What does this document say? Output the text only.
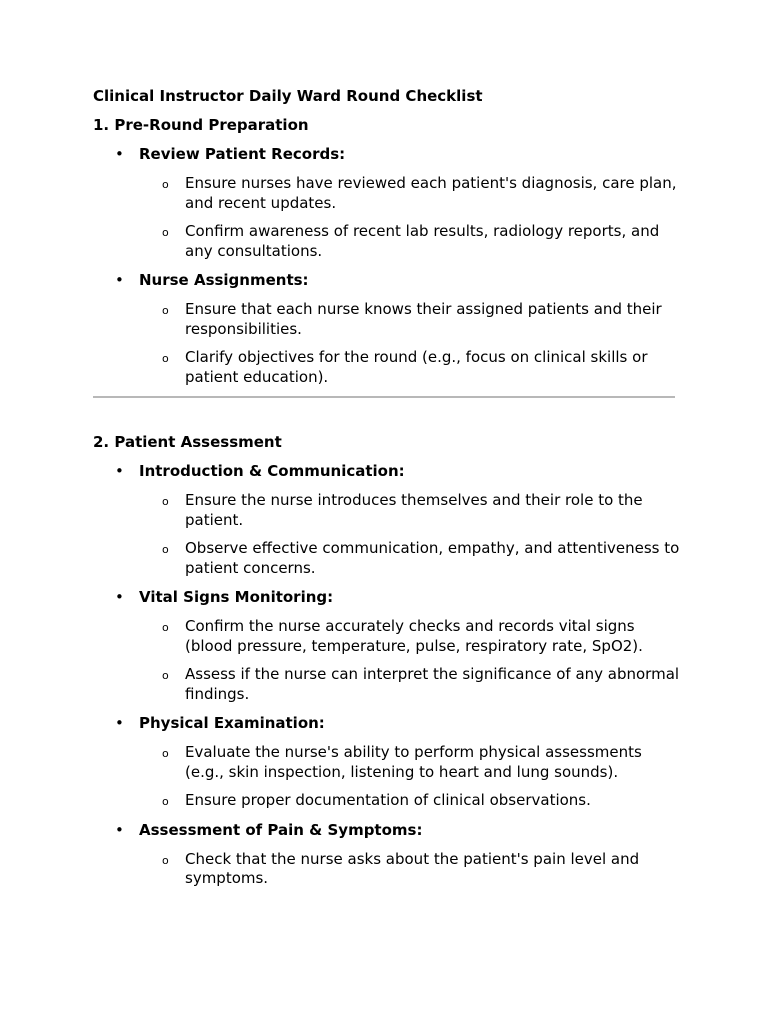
Clinical Instructor Daily Ward Round Checklist
1. Pre-Round Preparation
• Review Patient Records:
o Ensure nurses have reviewed each patient's diagnosis, care plan, and recent updates.
o Confirm awareness of recent lab results, radiology reports, and any consultations.
• Nurse Assignments:
o Ensure that each nurse knows their assigned patients and their responsibilities.
o Clarify objectives for the round (e.g., focus on clinical skills or patient education).
2. Patient Assessment
• Introduction & Communication:
o Ensure the nurse introduces themselves and their role to the patient.
o Observe effective communication, empathy, and attentiveness to patient concerns.
• Vital Signs Monitoring:
o Confirm the nurse accurately checks and records vital signs (blood pressure, temperature, pulse, respiratory rate, SpO2).
o Assess if the nurse can interpret the significance of any abnormal findings.
• Physical Examination:
o Evaluate the nurse's ability to perform physical assessments (e.g., skin inspection, listening to heart and lung sounds).
o Ensure proper documentation of clinical observations.
• Assessment of Pain & Symptoms:
o Check that the nurse asks about the patient's pain level and symptoms.
